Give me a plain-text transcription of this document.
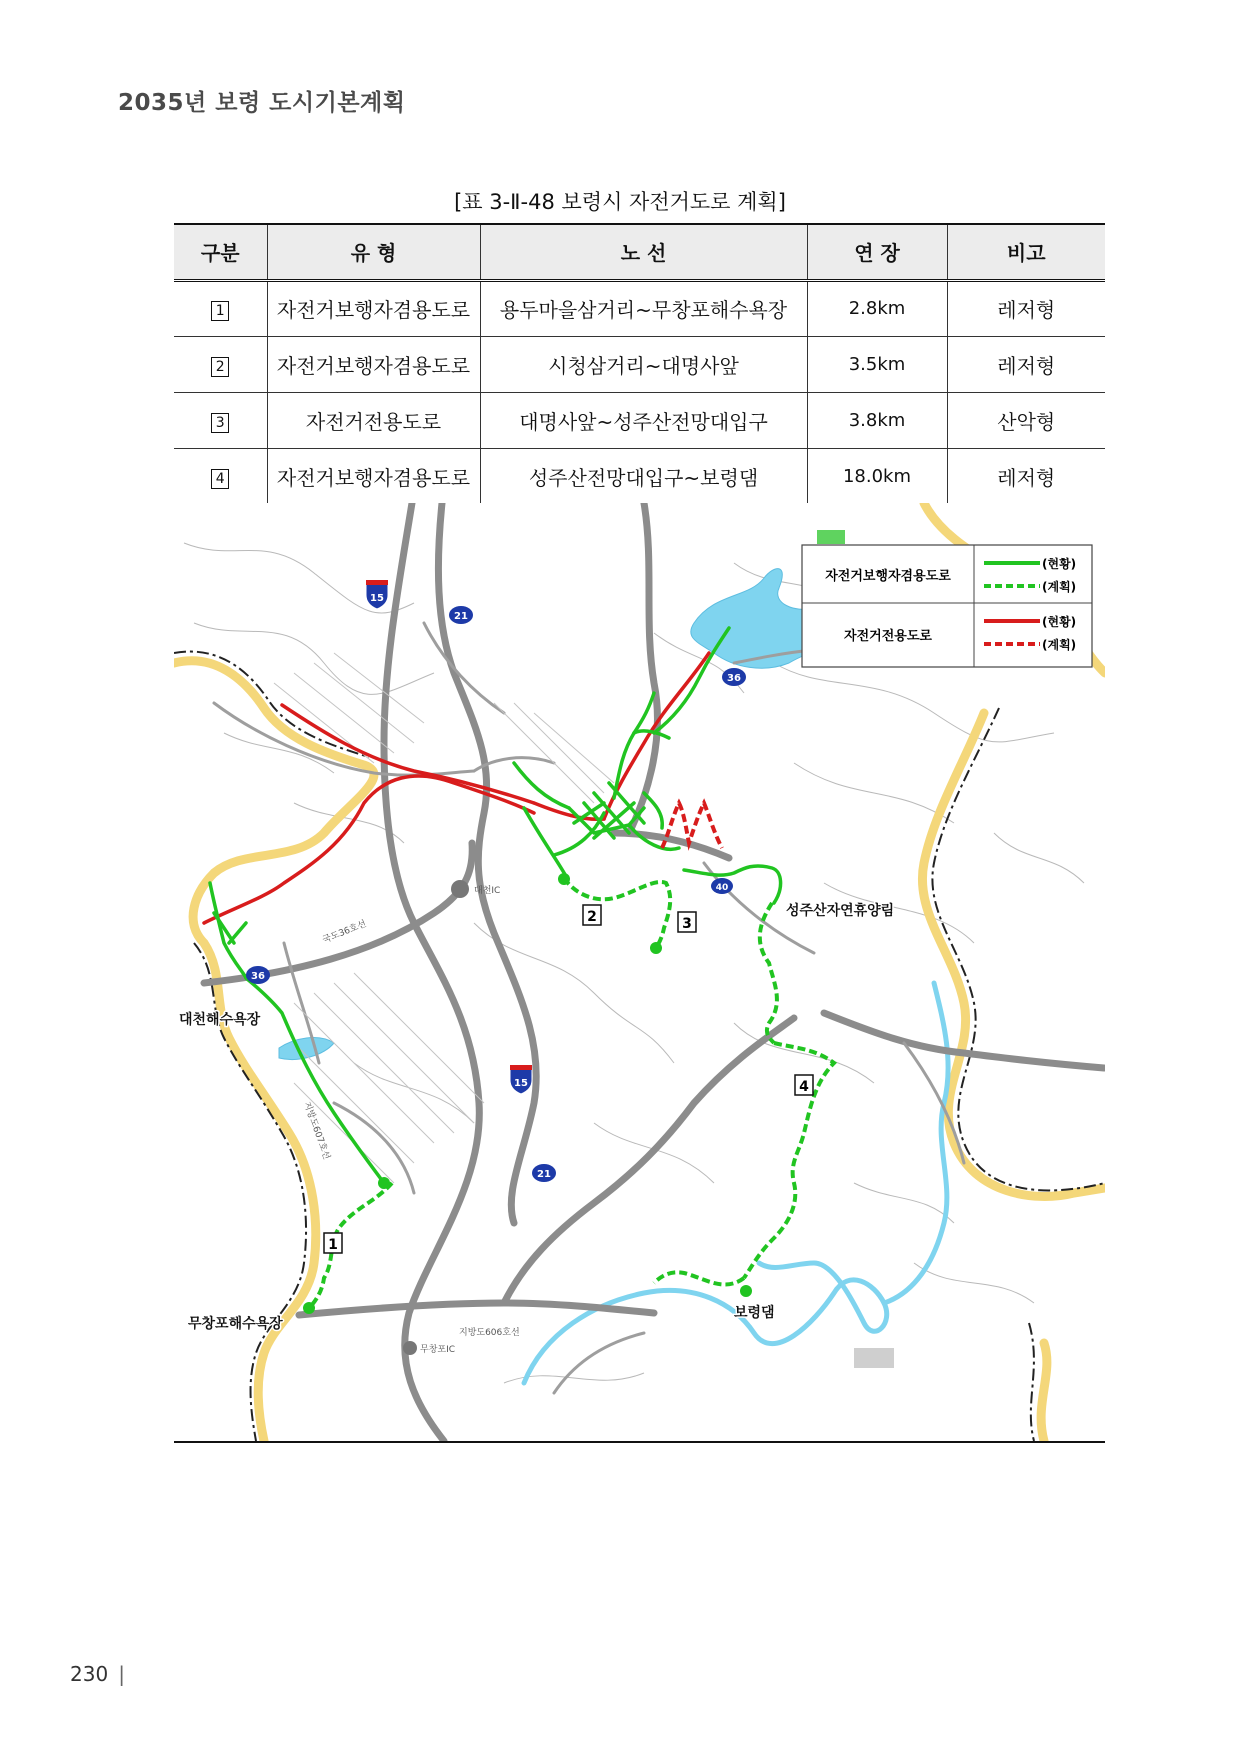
2035년 보령 도시기본계획
[표 3-Ⅱ-48 보령시 자전거도로 계획]
구분	유 형	노 선	연 장	비고
1	자전거보행자겸용도로	용두마을삼거리~무창포해수욕장	2.8km	레저형
2	자전거보행자겸용도로	시청삼거리~대명사앞	3.5km	레저형
3	자전거전용도로	대명사앞~성주산전망대입구	3.8km	산악형
4	자전거보행자겸용도로	성주산전망대입구~보령댐	18.0km	레저형
15
15
21
21
36
36
40
1
2	3
4
대천해수욕장
무창포해수욕장
성주산자연휴양림
보령댐
대천IC
무창포IC
지방도606호선
국도36호선
지방도607호선
자전거보행자겸용도로
자전거전용도로
(현황)
(계획)
(현황)
(계획)
230 |
